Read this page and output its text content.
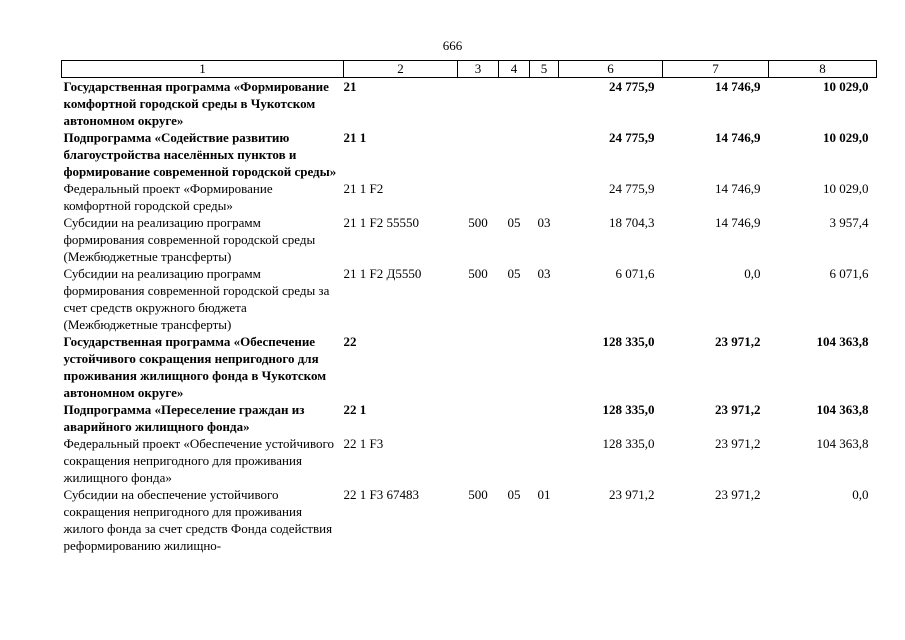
666
1	2	3	4	5	6	7	8
Государственная программа «Формирование комфортной городской среды в Чукотском автономном округе»	21				24 775,9	14 746,9	10 029,0
Подпрограмма «Содействие развитию благоустройства населённых пунктов и формирование современной городской среды»	21 1				24 775,9	14 746,9	10 029,0
Федеральный проект «Формирование комфортной городской среды»	21 1 F2				24 775,9	14 746,9	10 029,0
Субсидии на реализацию программ формирования современной городской среды (Межбюджетные трансферты)	21 1 F2 55550	500	05	03	18 704,3	14 746,9	3 957,4
Субсидии на реализацию программ формирования современной городской среды за счет средств окружного бюджета (Межбюджетные трансферты)	21 1 F2 Д5550	500	05	03	6 071,6	0,0	6 071,6
Государственная программа «Обеспечение устойчивого сокращения непригодного для проживания жилищного фонда в Чукотском автономном округе»	22				128 335,0	23 971,2	104 363,8
Подпрограмма «Переселение граждан из аварийного жилищного фонда»	22 1				128 335,0	23 971,2	104 363,8
Федеральный проект «Обеспечение устойчивого сокращения непригодного для проживания жилищного фонда»	22 1 F3				128 335,0	23 971,2	104 363,8
Субсидии на обеспечение устойчивого сокращения непригодного для проживания жилого фонда за счет средств Фонда содействия реформированию жилищно-	22 1 F3 67483	500	05	01	23 971,2	23 971,2	0,0
